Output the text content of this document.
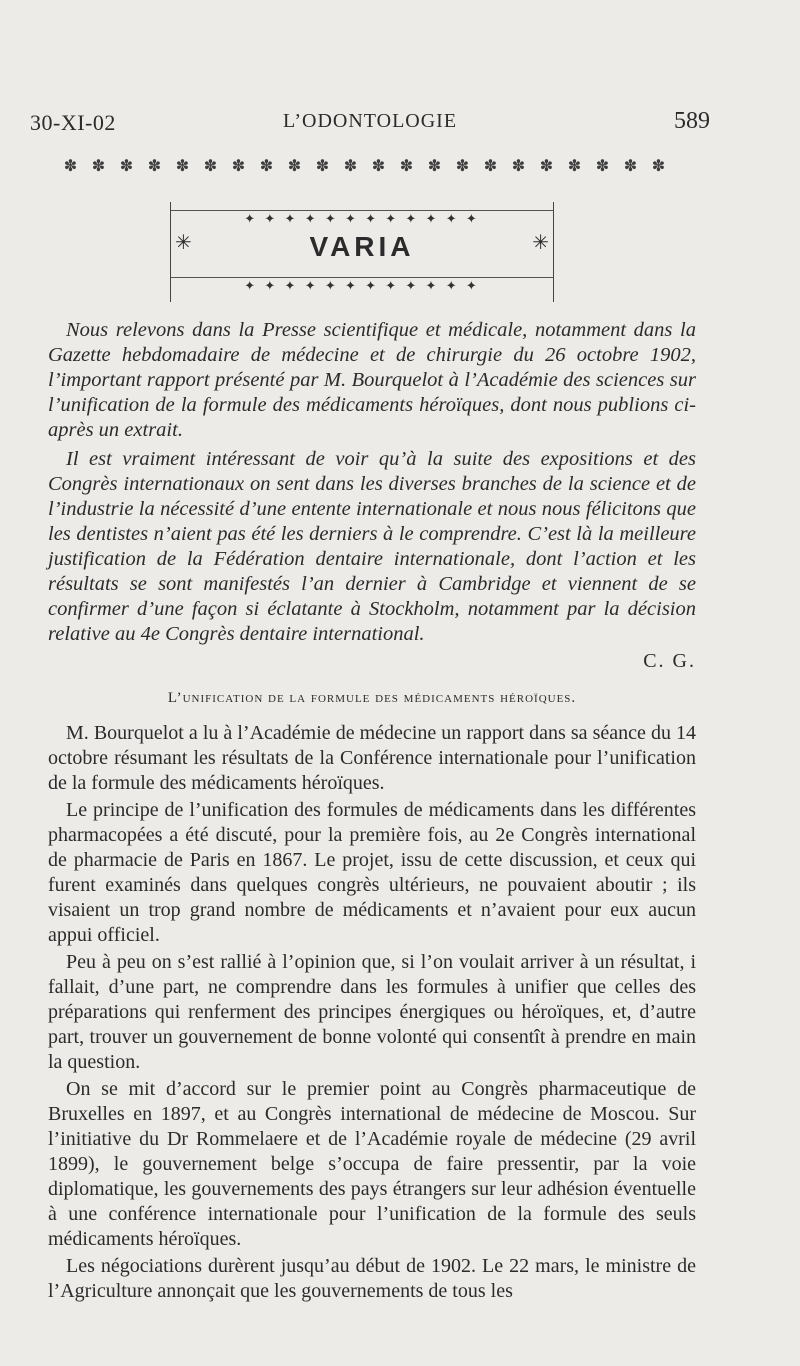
30-XI-02	L’ODONTOLOGIE	589
✽ ✽ ✽ ✽ ✽ ✽ ✽ ✽ ✽ ✽ ✽ ✽ ✽ ✽ ✽ ✽ ✽ ✽ ✽ ✽ ✽ ✽
✦ ✦ ✦ ✦ ✦ ✦ ✦ ✦ ✦ ✦ ✦ ✦
✳	VARIA	✳
✦ ✦ ✦ ✦ ✦ ✦ ✦ ✦ ✦ ✦ ✦ ✦

Nous relevons dans la Presse scientifique et médicale, notamment dans la Gazette hebdomadaire de médecine et de chirurgie du 26 octobre 1902, l’important rapport présenté par M. Bourquelot à l’Académie des sciences sur l’unification de la formule des médicaments héroïques, dont nous publions ci-après un extrait.

Il est vraiment intéressant de voir qu’à la suite des expositions et des Congrès internationaux on sent dans les diverses branches de la science et de l’industrie la nécessité d’une entente internationale et nous nous félicitons que les dentistes n’aient pas été les derniers à le comprendre. C’est là la meilleure justification de la Fédération dentaire internationale, dont l’action et les résultats se sont manifestés l’an dernier à Cambridge et viennent de se confirmer d’une façon si éclatante à Stockholm, notamment par la décision relative au 4e Congrès dentaire international.

C. G.
L’unification de la formule des médicaments héroïques.

M. Bourquelot a lu à l’Académie de médecine un rapport dans sa séance du 14 octobre résumant les résultats de la Conférence internationale pour l’unification de la formule des médicaments héroïques.

Le principe de l’unification des formules de médicaments dans les différentes pharmacopées a été discuté, pour la première fois, au 2e Congrès international de pharmacie de Paris en 1867. Le projet, issu de cette discussion, et ceux qui furent examinés dans quelques congrès ultérieurs, ne pouvaient aboutir ; ils visaient un trop grand nombre de médicaments et n’avaient pour eux aucun appui officiel.

Peu à peu on s’est rallié à l’opinion que, si l’on voulait arriver à un résultat, i fallait, d’une part, ne comprendre dans les formules à unifier que celles des préparations qui renferment des principes énergiques ou héroïques, et, d’autre part, trouver un gouvernement de bonne volonté qui consentît à prendre en main la question.

On se mit d’accord sur le premier point au Congrès pharmaceutique de Bruxelles en 1897, et au Congrès international de médecine de Moscou. Sur l’initiative du Dr Rommelaere et de l’Académie royale de médecine (29 avril 1899), le gouvernement belge s’occupa de faire pressentir, par la voie diplomatique, les gouvernements des pays étrangers sur leur adhésion éventuelle à une conférence internationale pour l’unification de la formule des seuls médicaments héroïques.

Les négociations durèrent jusqu’au début de 1902. Le 22 mars, le ministre de l’Agriculture annonçait que les gouvernements de tous les
